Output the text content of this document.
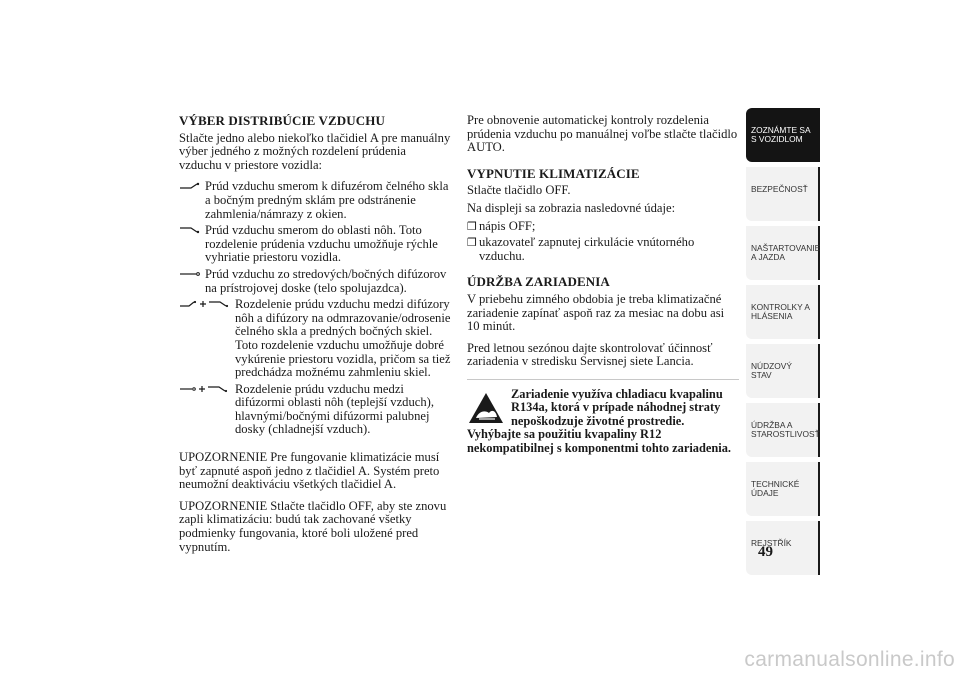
VÝBER DISTRIBÚCIE VZDUCHU

Stlačte jedno alebo niekoľko tlačidiel A pre manuálny výber jedného z možných rozdelení prúdenia vzduchu v priestore vozidla:

Prúd vzduchu smerom k difuzérom čelného skla a bočným predným sklám pre odstránenie zahmlenia/námrazy z okien.
Prúd vzduchu smerom do oblasti nôh. Toto rozdelenie prúdenia vzduchu umožňuje rýchle vyhriatie priestoru vozidla.
Prúd vzduchu zo stredových/bočných difúzorov na prístrojovej doske (telo spolujazdca).
Rozdelenie prúdu vzduchu medzi difúzory nôh a difúzory na odmrazovanie/odrosenie čelného skla a predných bočných skiel. Toto rozdelenie vzduchu umožňuje dobré vykúrenie priestoru vozidla, pričom sa tiež predchádza možnému zahmleniu skiel.
Rozdelenie prúdu vzduchu medzi difúzormi oblasti nôh (teplejší vzduch), hlavnými/bočnými difúzormi palubnej dosky (chladnejší vzduch).

UPOZORNENIE Pre fungovanie klimatizácie musí byť zapnuté aspoň jedno z tlačidiel A. Systém preto neumožní deaktiváciu všetkých tlačidiel A.

UPOZORNENIE Stlačte tlačidlo OFF, aby ste znovu zapli klimatizáciu: budú tak zachované všetky podmienky fungovania, ktoré boli uložené pred vypnutím.

Pre obnovenie automatickej kontroly rozdelenia prúdenia vzduchu po manuálnej voľbe stlačte tlačidlo AUTO.

VYPNUTIE KLIMATIZÁCIE

Stlačte tlačidlo OFF.

Na displeji sa zobrazia nasledovné údaje:

❒ nápis OFF;
❒ ukazovateľ zapnutej cirkulácie vnútorného vzduchu.
ÚDRŽBA ZARIADENIA

V priebehu zimného obdobia je treba klimatizačné zariadenie zapínať aspoň raz za mesiac na dobu asi 10 minút.

Pred letnou sezónou dajte skontrolovať účinnosť zariadenia v stredisku Servisnej siete Lancia.

Zariadenie využíva chladiacu kvapalinu R134a, ktorá v prípade náhodnej straty nepoškodzuje životné prostredie. Vyhýbajte sa použitiu kvapaliny R12 nekompatibilnej s komponentmi tohto zariadenia.
ZOZNÁMTE SA S VOZIDLOM
BEZPEČNOSŤ
NAŠTARTOVANIE A JAZDA
KONTROLKY A HLÁSENIA
NÚDZOVÝ STAV
ÚDRŽBA A STAROSTLIVOSŤ
TECHNICKÉ ÚDAJE
REJSTŘÍK
49
carmanualsonline.info
